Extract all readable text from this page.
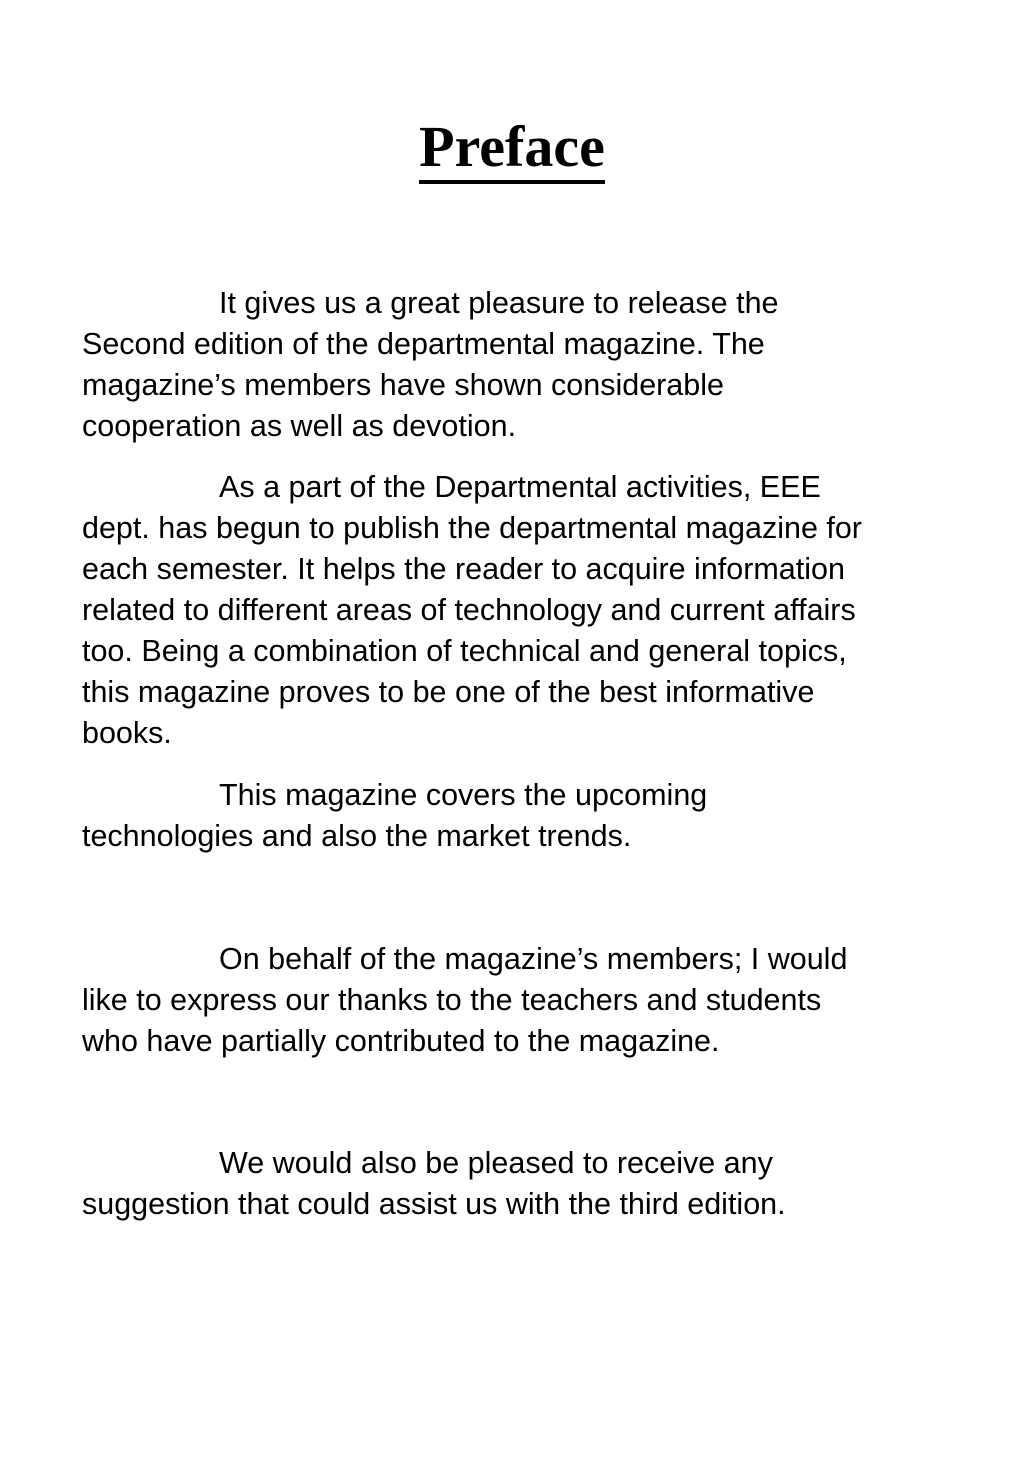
Preface

It gives us a great pleasure to release the
Second edition of the departmental magazine. The
magazine’s members have shown considerable
cooperation as well as devotion.

As a part of the Departmental activities, EEE
dept. has begun to publish the departmental magazine for
each semester. It helps the reader to acquire information
related to different areas of technology and current affairs
too. Being a combination of technical and general topics,
this magazine proves to be one of the best informative
books.

This magazine covers the upcoming
technologies and also the market trends.

On behalf of the magazine’s members; I would
like to express our thanks to the teachers and students
who have partially contributed to the magazine.

We would also be pleased to receive any
suggestion that could assist us with the third edition.
